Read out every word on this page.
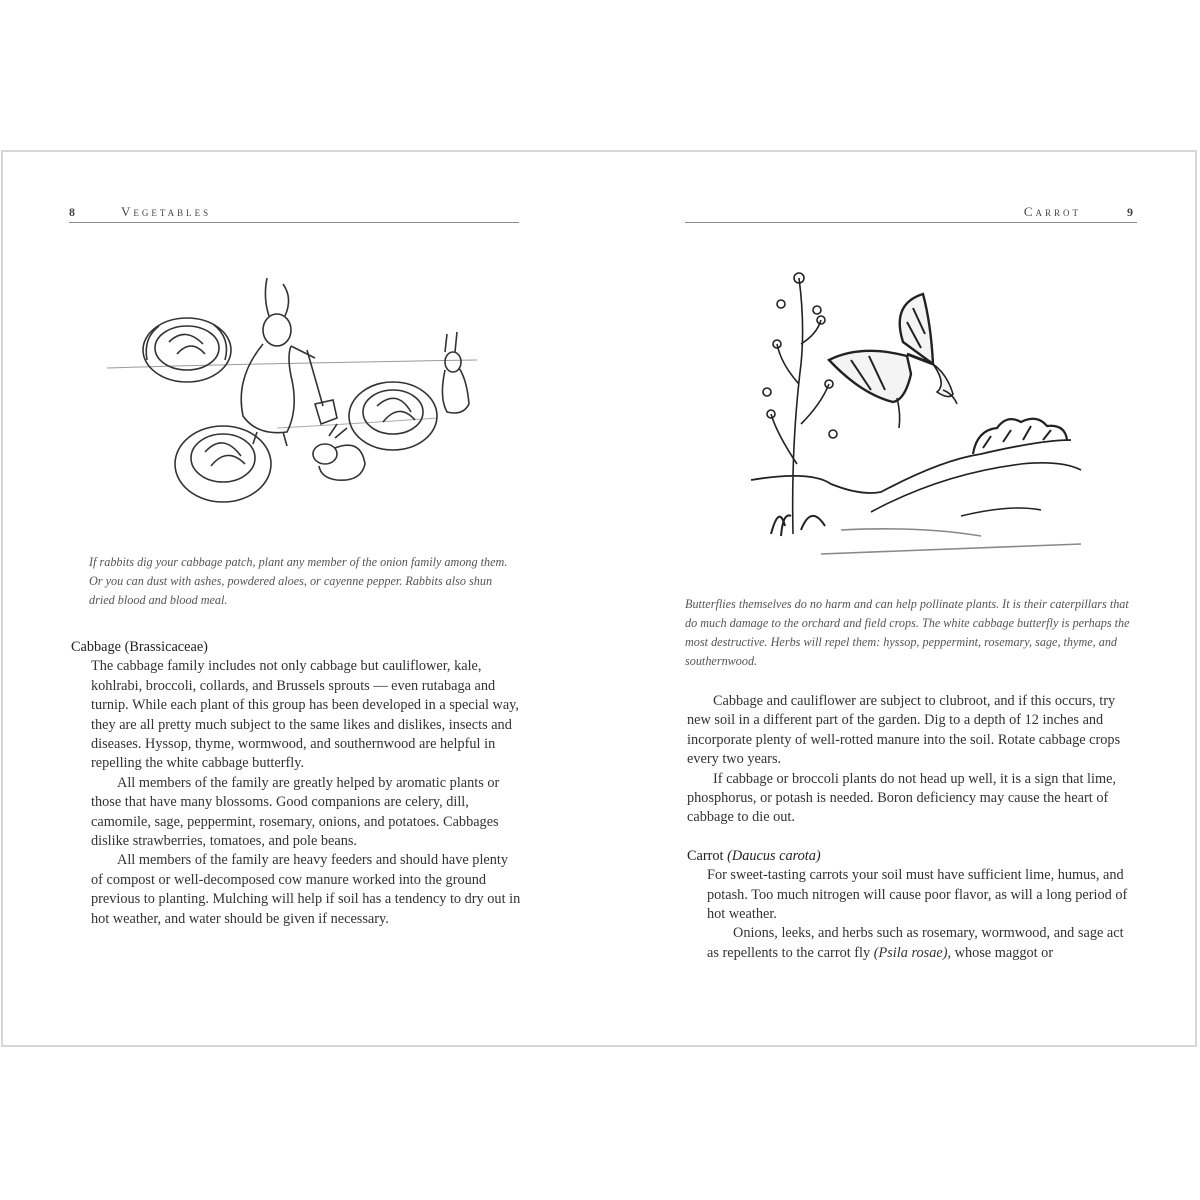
8	Vegetables

If rabbits dig your cabbage patch, plant any member of the onion family among them. Or you can dust with ashes, powdered aloes, or cayenne pepper. Rabbits also shun dried blood and blood meal.

Cabbage (Brassicaceae)

The cabbage family includes not only cabbage but cauliflower, kale, kohlrabi, broccoli, collards, and Brussels sprouts — even rutabaga and turnip. While each plant of this group has been developed in a special way, they are all pretty much subject to the same likes and dislikes, insects and diseases. Hyssop, thyme, wormwood, and southernwood are helpful in repelling the white cabbage butterfly.

All members of the family are greatly helped by aromatic plants or those that have many blossoms. Good companions are celery, dill, camomile, sage, peppermint, rosemary, onions, and potatoes. Cabbages dislike strawberries, tomatoes, and pole beans.

All members of the family are heavy feeders and should have plenty of compost or well-decomposed cow manure worked into the ground previous to planting. Mulching will help if soil has a tendency to dry out in hot weather, and water should be given if necessary.

Carrot	9

Butterflies themselves do no harm and can help pollinate plants. It is their caterpillars that do much damage to the orchard and field crops. The white cabbage butterfly is perhaps the most destructive. Herbs will repel them: hyssop, peppermint, rosemary, sage, thyme, and southernwood.

Cabbage and cauliflower are subject to clubroot, and if this occurs, try new soil in a different part of the garden. Dig to a depth of 12 inches and incorporate plenty of well-rotted manure into the soil. Rotate cabbage crops every two years.

If cabbage or broccoli plants do not head up well, it is a sign that lime, phosphorus, or potash is needed. Boron deficiency may cause the heart of cabbage to die out.

Carrot (Daucus carota)

For sweet-tasting carrots your soil must have sufficient lime, humus, and potash. Too much nitrogen will cause poor flavor, as will a long period of hot weather.

Onions, leeks, and herbs such as rosemary, wormwood, and sage act as repellents to the carrot fly (Psila rosae), whose maggot or
